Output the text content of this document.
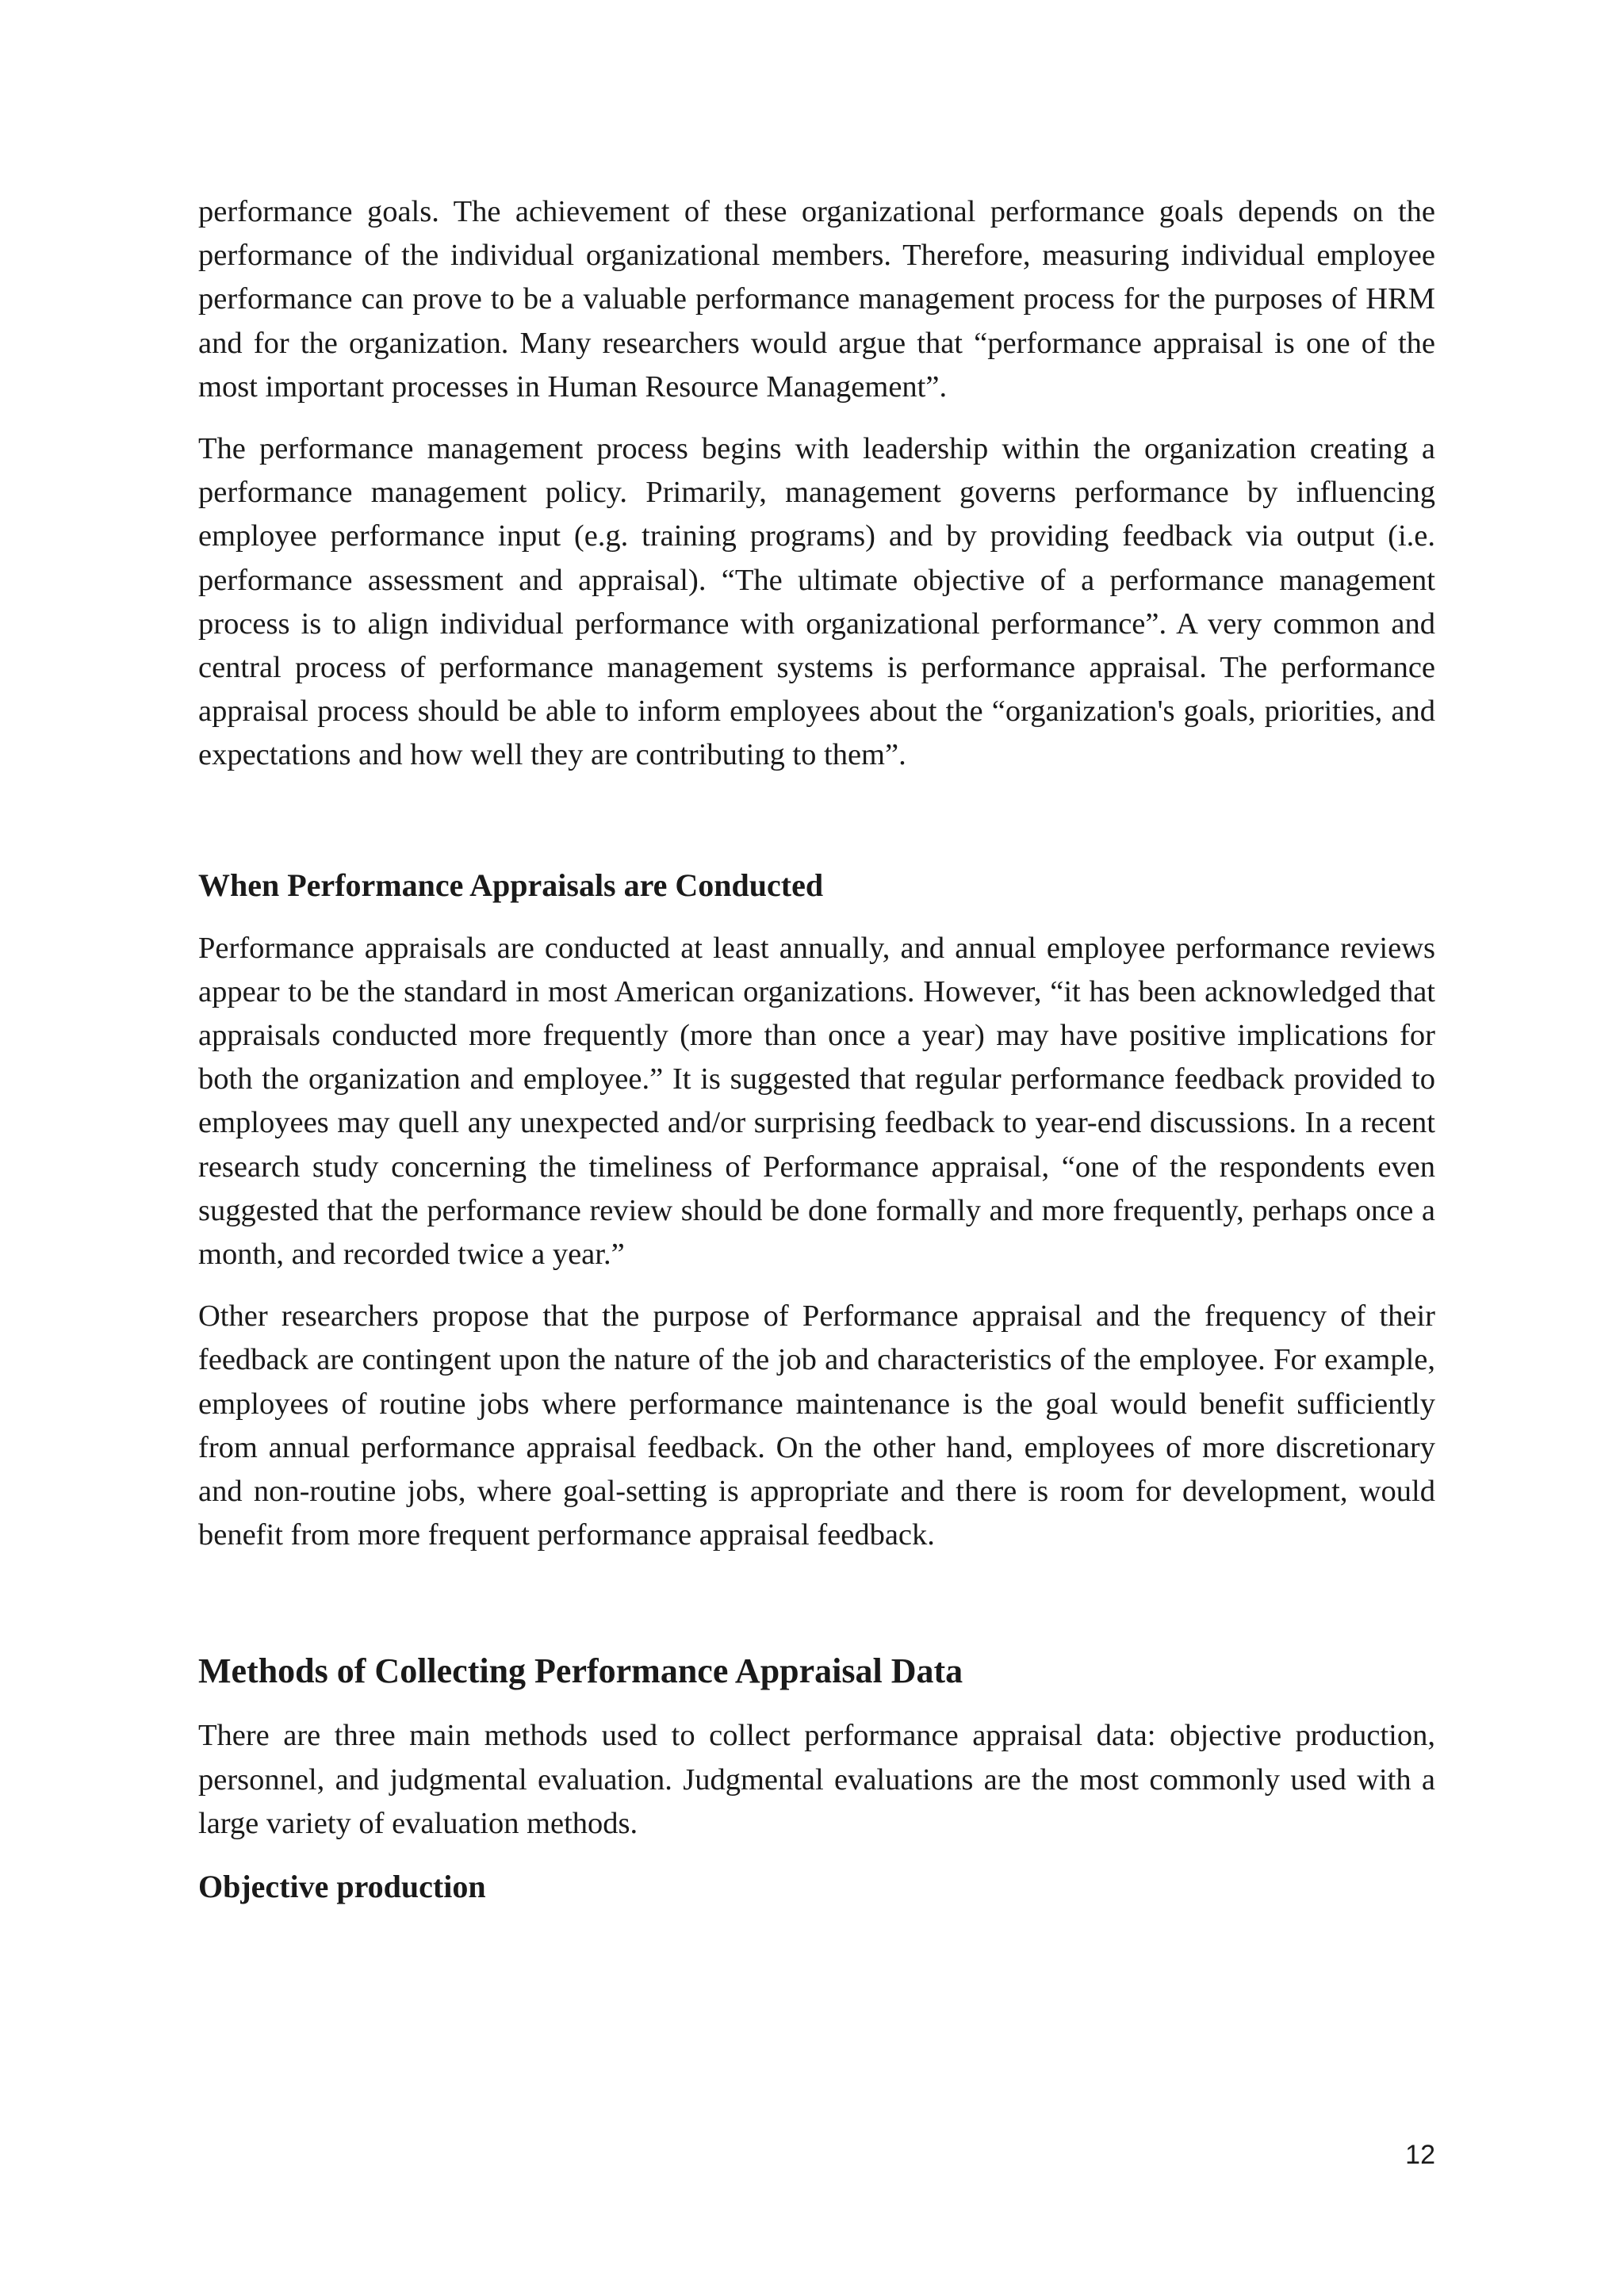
performance goals. The achievement of these organizational performance goals depends on the performance of the individual organizational members. Therefore, measuring individual employee performance can prove to be a valuable performance management process for the purposes of HRM and for the organization. Many researchers would argue that “performance appraisal is one of the most important processes in Human Resource Management”.

The performance management process begins with leadership within the organization creating a performance management policy. Primarily, management governs performance by influencing employee performance input (e.g. training programs) and by providing feedback via output (i.e. performance assessment and appraisal). “The ultimate objective of a performance management process is to align individual performance with organizational performance”. A very common and central process of performance management systems is performance appraisal. The performance appraisal process should be able to inform employees about the “organization's goals, priorities, and expectations and how well they are contributing to them”.

When Performance Appraisals are Conducted

Performance appraisals are conducted at least annually, and annual employee performance reviews appear to be the standard in most American organizations. However, “it has been acknowledged that appraisals conducted more frequently (more than once a year) may have positive implications for both the organization and employee.” It is suggested that regular performance feedback provided to employees may quell any unexpected and/or surprising feedback to year-end discussions. In a recent research study concerning the timeliness of Performance appraisal, “one of the respondents even suggested that the performance review should be done formally and more frequently, perhaps once a month, and recorded twice a year.”

Other researchers propose that the purpose of Performance appraisal and the frequency of their feedback are contingent upon the nature of the job and characteristics of the employee. For example, employees of routine jobs where performance maintenance is the goal would benefit sufficiently from annual performance appraisal feedback. On the other hand, employees of more discretionary and non-routine jobs, where goal-setting is appropriate and there is room for development, would benefit from more frequent performance appraisal feedback.

Methods of Collecting Performance Appraisal Data

There are three main methods used to collect performance appraisal data: objective production, personnel, and judgmental evaluation. Judgmental evaluations are the most commonly used with a large variety of evaluation methods.

Objective production
12
